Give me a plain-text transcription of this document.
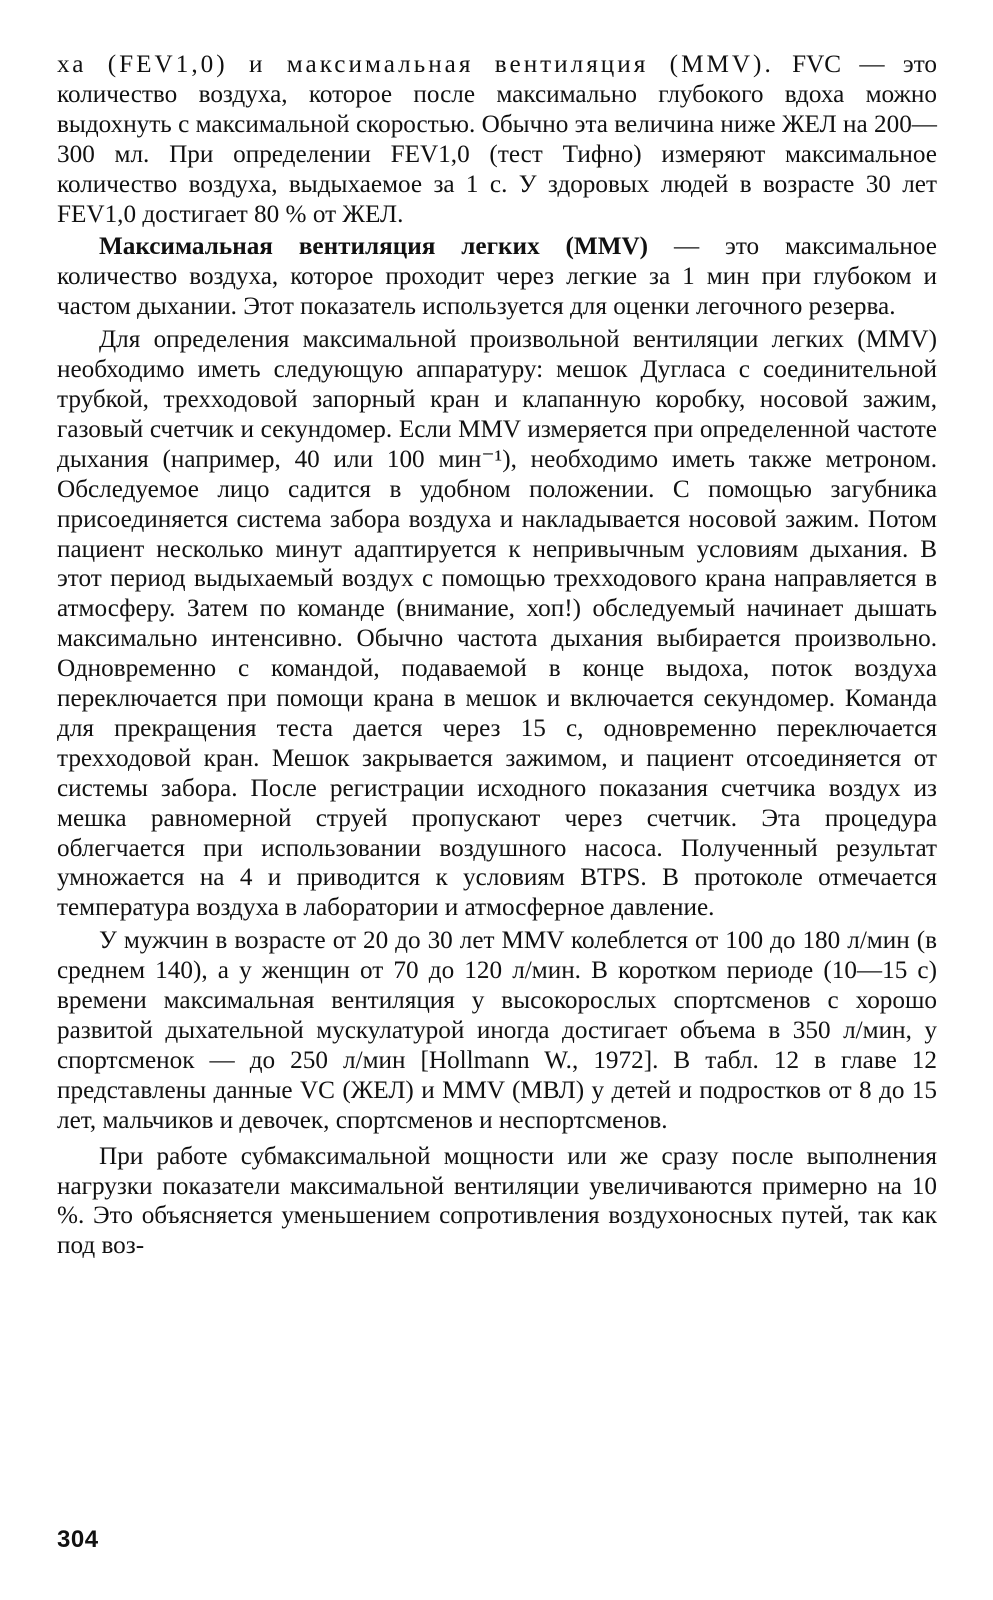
ха (FEV1,0) и максимальная вентиляция (MMV). FVC — это количество воздуха, которое после максимально глубокого вдоха можно выдохнуть с максимальной скоростью. Обычно эта величина ниже ЖЕЛ на 200—300 мл. При определении FEV1,0 (тест Тифно) измеряют максимальное количество воздуха, выдыхаемое за 1 с. У здоровых людей в возрасте 30 лет FEV1,0 достигает 80 % от ЖЕЛ.

Максимальная вентиляция легких (MMV) — это максимальное количество воздуха, которое проходит через легкие за 1 мин при глубоком и частом дыхании. Этот показатель используется для оценки легочного резерва.

Для определения максимальной произвольной вентиляции легких (MMV) необходимо иметь следующую аппаратуру: мешок Дугласа с соединительной трубкой, трехходовой запорный кран и клапанную коробку, носовой зажим, газовый счетчик и секундомер. Если MMV измеряется при определенной частоте дыхания (например, 40 или 100 мин⁻¹), необходимо иметь также метроном. Обследуемое лицо садится в удобном положении. С помощью загубника присоединяется система забора воздуха и накладывается носовой зажим. Потом пациент несколько минут адаптируется к непривычным условиям дыхания. В этот период выдыхаемый воздух с помощью трехходового крана направляется в атмосферу. Затем по команде (внимание, хоп!) обследуемый начинает дышать максимально интенсивно. Обычно частота дыхания выбирается произвольно. Одновременно с командой, подаваемой в конце выдоха, поток воздуха переключается при помощи крана в мешок и включается секундомер. Команда для прекращения теста дается через 15 с, одновременно переключается трехходовой кран. Мешок закрывается зажимом, и пациент отсоединяется от системы забора. После регистрации исходного показания счетчика воздух из мешка равномерной струей пропускают через счетчик. Эта процедура облегчается при использовании воздушного насоса. Полученный результат умножается на 4 и приводится к условиям BTPS. В протоколе отмечается температура воздуха в лаборатории и атмосферное давление.

У мужчин в возрасте от 20 до 30 лет MMV колеблется от 100 до 180 л/мин (в среднем 140), а у женщин от 70 до 120 л/мин. В коротком периоде (10—15 с) времени максимальная вентиляция у высокорослых спортсменов с хорошо развитой дыхательной мускулатурой иногда достигает объема в 350 л/мин, у спортсменок — до 250 л/мин [Hollmann W., 1972]. В табл. 12 в главе 12 представлены данные VC (ЖЕЛ) и MMV (МВЛ) у детей и подростков от 8 до 15 лет, мальчиков и девочек, спортсменов и неспортсменов.

При работе субмаксимальной мощности или же сразу после выполнения нагрузки показатели максимальной вентиляции увеличиваются примерно на 10 %. Это объясняется уменьшением сопротивления воздухоносных путей, так как под воз-

304
